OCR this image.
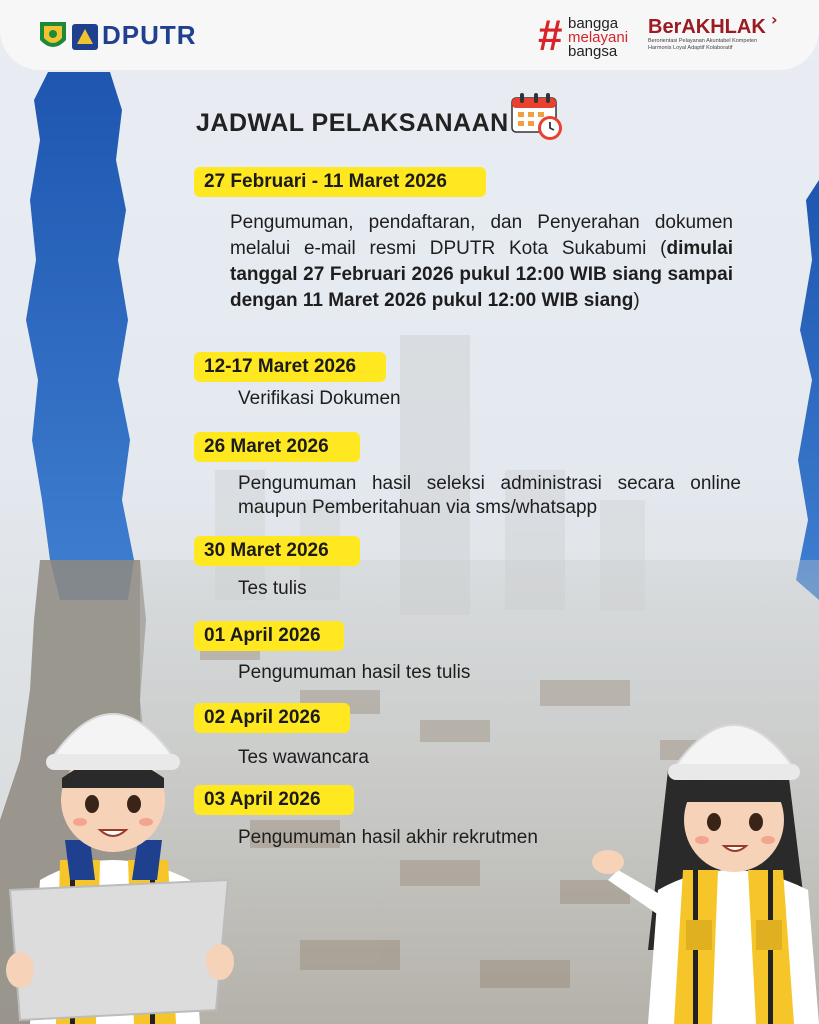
DPUTR	# bangga
melayani
bangsa
›
BerAKHLAK
Berorientasi Pelayanan Akuntabel Kompeten Harmonis Loyal Adaptif Kolaboratif
JADWAL PELAKSANAAN
27 Februari - 11 Maret 2026
Pengumuman, pendaftaran, dan Penyerahan dokumen melalui e-mail resmi DPUTR Kota Sukabumi (dimulai tanggal 27 Februari 2026 pukul 12:00 WIB siang sampai dengan 11 Maret 2026 pukul 12:00 WIB siang)
12-17 Maret 2026
Verifikasi Dokumen
26 Maret 2026
Pengumuman hasil seleksi administrasi secara online maupun Pemberitahuan via sms/whatsapp
30 Maret 2026
Tes tulis
01 April 2026
Pengumuman hasil tes tulis
02 April 2026
Tes wawancara
03 April 2026
Pengumuman hasil akhir rekrutmen
